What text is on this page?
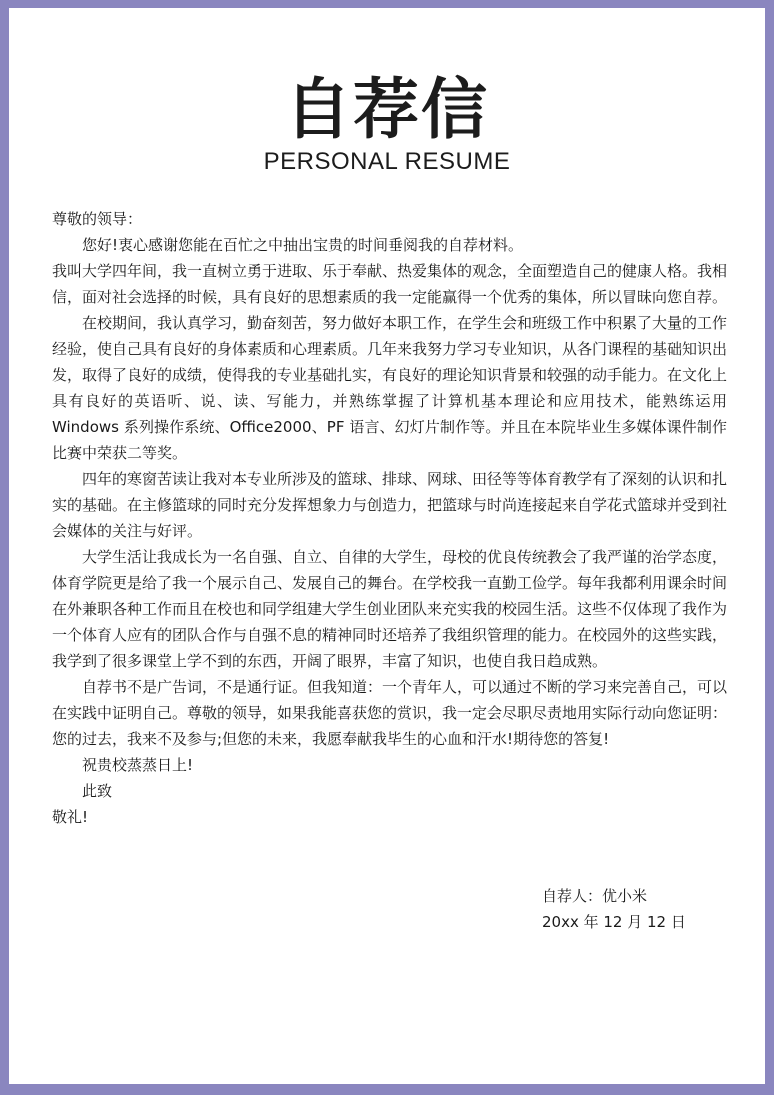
自荐信
PERSONAL RESUME

尊敬的领导：

您好!衷心感谢您能在百忙之中抽出宝贵的时间垂阅我的自荐材料。

我叫大学四年间，我一直树立勇于进取、乐于奉献、热爱集体的观念，全面塑造自己的健康人格。我相信，面对社会选择的时候，具有良好的思想素质的我一定能赢得一个优秀的集体，所以冒昧向您自荐。

在校期间，我认真学习，勤奋刻苦，努力做好本职工作，在学生会和班级工作中积累了大量的工作经验，使自己具有良好的身体素质和心理素质。几年来我努力学习专业知识，从各门课程的基础知识出发，取得了良好的成绩，使得我的专业基础扎实，有良好的理论知识背景和较强的动手能力。在文化上具有良好的英语听、说、读、写能力，并熟练掌握了计算机基本理论和应用技术，能熟练运用 Windows 系列操作系统、Office2000、PF 语言、幻灯片制作等。并且在本院毕业生多媒体课件制作比赛中荣获二等奖。

四年的寒窗苦读让我对本专业所涉及的篮球、排球、网球、田径等等体育教学有了深刻的认识和扎实的基础。在主修篮球的同时充分发挥想象力与创造力，把篮球与时尚连接起来自学花式篮球并受到社会媒体的关注与好评。

大学生活让我成长为一名自强、自立、自律的大学生，母校的优良传统教会了我严谨的治学态度，体育学院更是给了我一个展示自己、发展自己的舞台。在学校我一直勤工俭学。每年我都利用课余时间在外兼职各种工作而且在校也和同学组建大学生创业团队来充实我的校园生活。这些不仅体现了我作为一个体育人应有的团队合作与自强不息的精神同时还培养了我组织管理的能力。在校园外的这些实践，我学到了很多课堂上学不到的东西，开阔了眼界，丰富了知识，也使自我日趋成熟。

自荐书不是广告词，不是通行证。但我知道：一个青年人，可以通过不断的学习来完善自己，可以在实践中证明自己。尊敬的领导，如果我能喜获您的赏识，我一定会尽职尽责地用实际行动向您证明：您的过去，我来不及参与;但您的未来，我愿奉献我毕生的心血和汗水!期待您的答复!

祝贵校蒸蒸日上!

此致

敬礼!

自荐人：优小米
20xx 年 12 月 12 日
